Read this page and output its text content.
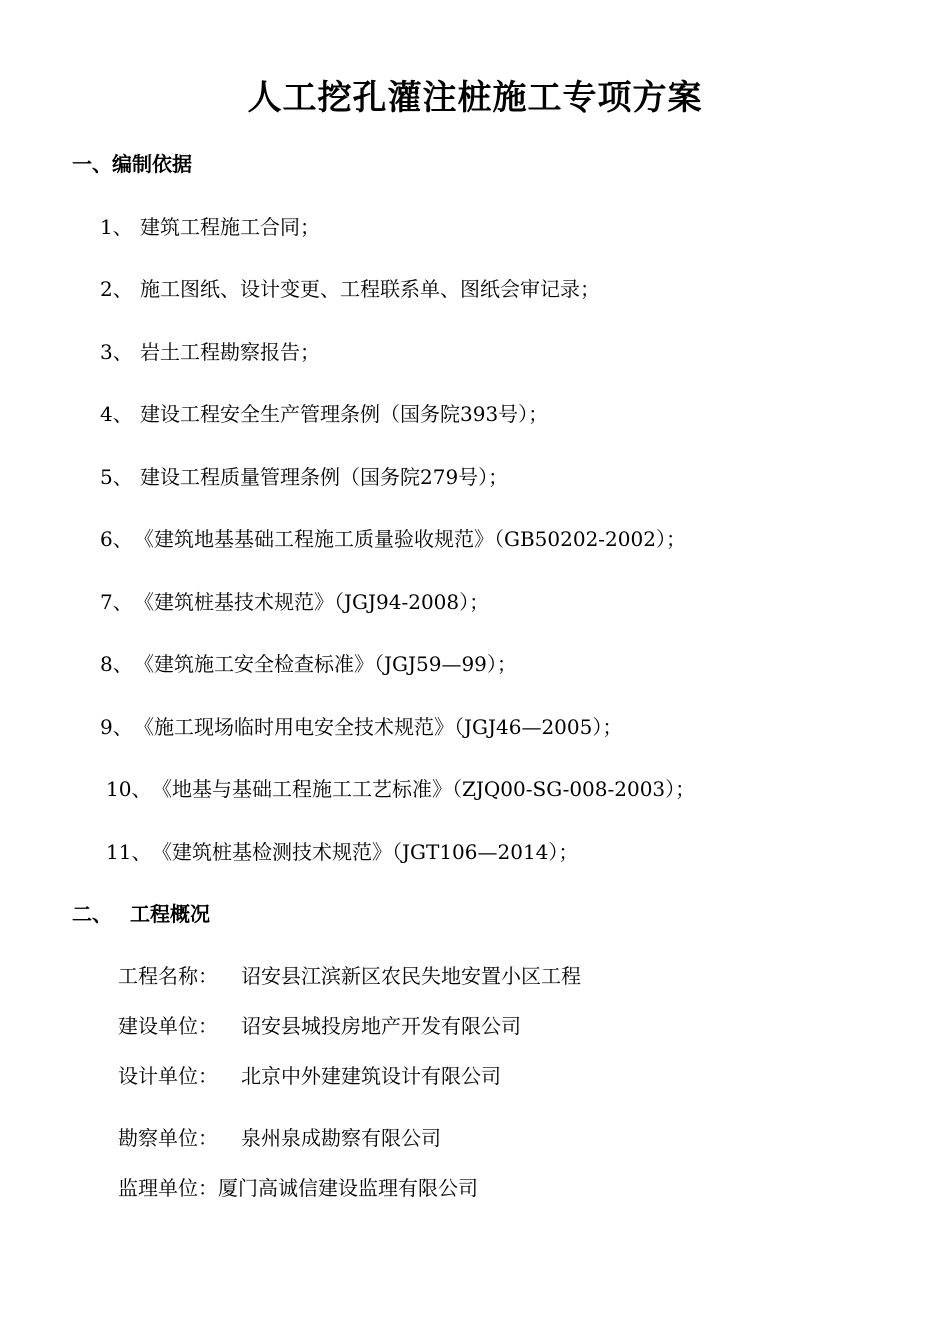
人工挖孔灌注桩施工专项方案
一、编制依据
1、 建筑工程施工合同；
2、 施工图纸、设计变更、工程联系单、图纸会审记录；
3、 岩土工程勘察报告；
4、 建设工程安全生产管理条例（国务院393号）；
5、 建设工程质量管理条例（国务院279号）；
6、《建筑地基基础工程施工质量验收规范》（GB50202-2002）；
7、《建筑桩基技术规范》（JGJ94-2008）；
8、《建筑施工安全检查标准》（JGJ59—99）；
9、《施工现场临时用电安全技术规范》（JGJ46—2005）；
10、《地基与基础工程施工工艺标准》（ZJQ00-SG-008-2003）；
11、《建筑桩基检测技术规范》（JGT106—2014）；
二、 工程概况
工程名称： 诏安县江滨新区农民失地安置小区工程
建设单位： 诏安县城投房地产开发有限公司
设计单位： 北京中外建建筑设计有限公司
勘察单位： 泉州泉成勘察有限公司
监理单位：厦门高诚信建设监理有限公司
